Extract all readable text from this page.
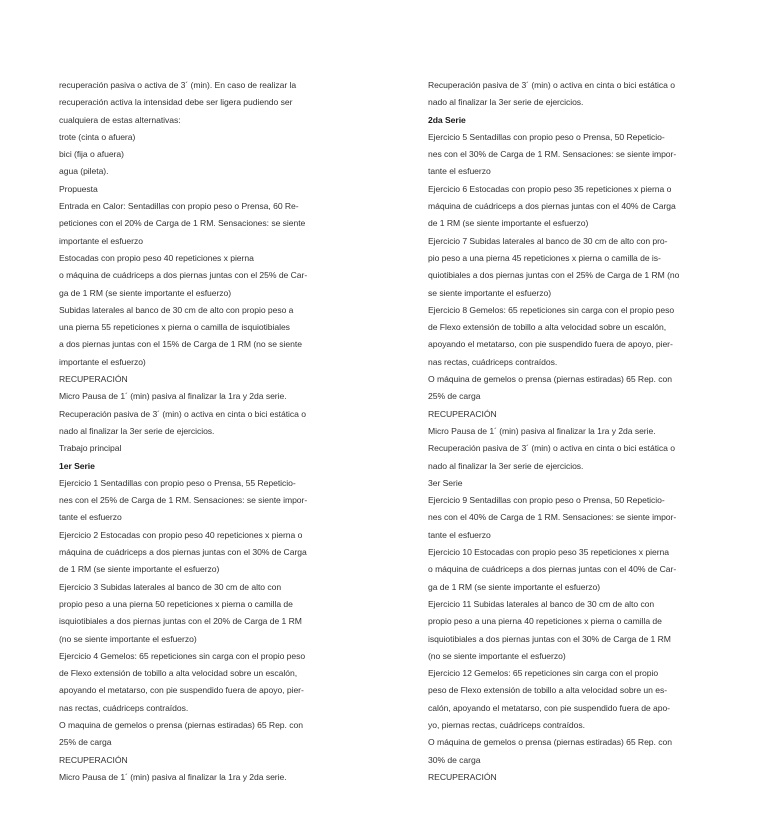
recuperación pasiva o activa de 3´ (min). En caso de realizar la
recuperación activa la intensidad debe ser ligera pudiendo ser
cualquiera de estas alternativas:
trote (cinta o afuera)
bici (fija o afuera)
agua (pileta).
Propuesta
Entrada en Calor: Sentadillas con propio peso o Prensa, 60 Re-
peticiones con el 20% de Carga de 1 RM. Sensaciones: se siente
importante el esfuerzo
Estocadas con propio peso 40 repeticiones x pierna
o máquina de cuádriceps a dos piernas juntas con el 25% de Car-
ga de 1 RM (se siente importante el esfuerzo)
Subidas laterales al banco de 30 cm de alto con propio peso a
una pierna 55 repeticiones x pierna o camilla de isquiotibiales
a dos piernas juntas con el 15% de Carga de 1 RM (no se siente
importante el esfuerzo)
RECUPERACIÓN
Micro Pausa de 1´ (min) pasiva al finalizar la 1ra y 2da serie.
Recuperación pasiva de 3´ (min) o activa en cinta o bici estática o
nado al finalizar la 3er serie de ejercicios.
Trabajo principal
1er Serie
Ejercicio 1 Sentadillas con propio peso o Prensa, 55 Repeticio-
nes con el 25% de Carga de 1 RM. Sensaciones: se siente impor-
tante el esfuerzo
Ejercicio 2 Estocadas con propio peso 40 repeticiones x pierna o
máquina de cuádriceps a dos piernas juntas con el 30% de Carga
de 1 RM (se siente importante el esfuerzo)
Ejercicio 3 Subidas laterales al banco de 30 cm de alto con
propio peso a una pierna 50 repeticiones x pierna o camilla de
isquiotibiales a dos piernas juntas con el 20% de Carga de 1 RM
(no se siente importante el esfuerzo)
Ejercicio 4 Gemelos: 65 repeticiones sin carga con el propio peso
de Flexo extensión de tobillo a alta velocidad sobre un escalón,
apoyando el metatarso, con pie suspendido fuera de apoyo, pier-
nas rectas, cuádriceps contraídos.
O maquina de gemelos o prensa (piernas estiradas) 65 Rep. con
25% de carga
RECUPERACIÓN
Micro Pausa de 1´ (min) pasiva al finalizar la 1ra y 2da serie.
Recuperación pasiva de 3´ (min) o activa en cinta o bici estática o
nado al finalizar la 3er serie de ejercicios.
2da Serie
Ejercicio 5 Sentadillas con propio peso o Prensa, 50 Repeticio-
nes con el 30% de Carga de 1 RM. Sensaciones: se siente impor-
tante el esfuerzo
Ejercicio 6 Estocadas con propio peso 35 repeticiones x pierna o
máquina de cuádriceps a dos piernas juntas con el 40% de Carga
de 1 RM (se siente importante el esfuerzo)
Ejercicio 7 Subidas laterales al banco de 30 cm de alto con pro-
pio peso a una pierna 45 repeticiones x pierna o camilla de is-
quiotibiales a dos piernas juntas con el 25% de Carga de 1 RM (no
se siente importante el esfuerzo)
Ejercicio 8 Gemelos: 65 repeticiones sin carga con el propio peso
de Flexo extensión de tobillo a alta velocidad sobre un escalón,
apoyando el metatarso, con pie suspendido fuera de apoyo, pier-
nas rectas, cuádriceps contraídos.
O máquina de gemelos o prensa (piernas estiradas) 65 Rep. con
25% de carga
RECUPERACIÓN
Micro Pausa de 1´ (min) pasiva al finalizar la 1ra y 2da serie.
Recuperación pasiva de 3´ (min) o activa en cinta o bici estática o
nado al finalizar la 3er serie de ejercicios.
3er Serie
Ejercicio 9 Sentadillas con propio peso o Prensa, 50 Repeticio-
nes con el 40% de Carga de 1 RM. Sensaciones: se siente impor-
tante el esfuerzo
Ejercicio 10 Estocadas con propio peso 35 repeticiones x pierna
o máquina de cuádriceps a dos piernas juntas con el 40% de Car-
ga de 1 RM (se siente importante el esfuerzo)
Ejercicio 11 Subidas laterales al banco de 30 cm de alto con
propio peso a una pierna 40 repeticiones x pierna o camilla de
isquiotibiales a dos piernas juntas con el 30% de Carga de 1 RM
(no se siente importante el esfuerzo)
Ejercicio 12 Gemelos: 65 repeticiones sin carga con el propio
peso de Flexo extensión de tobillo a alta velocidad sobre un es-
calón, apoyando el metatarso, con pie suspendido fuera de apo-
yo, piernas rectas, cuádriceps contraídos.
O máquina de gemelos o prensa (piernas estiradas) 65 Rep. con
30% de carga
RECUPERACIÓN
